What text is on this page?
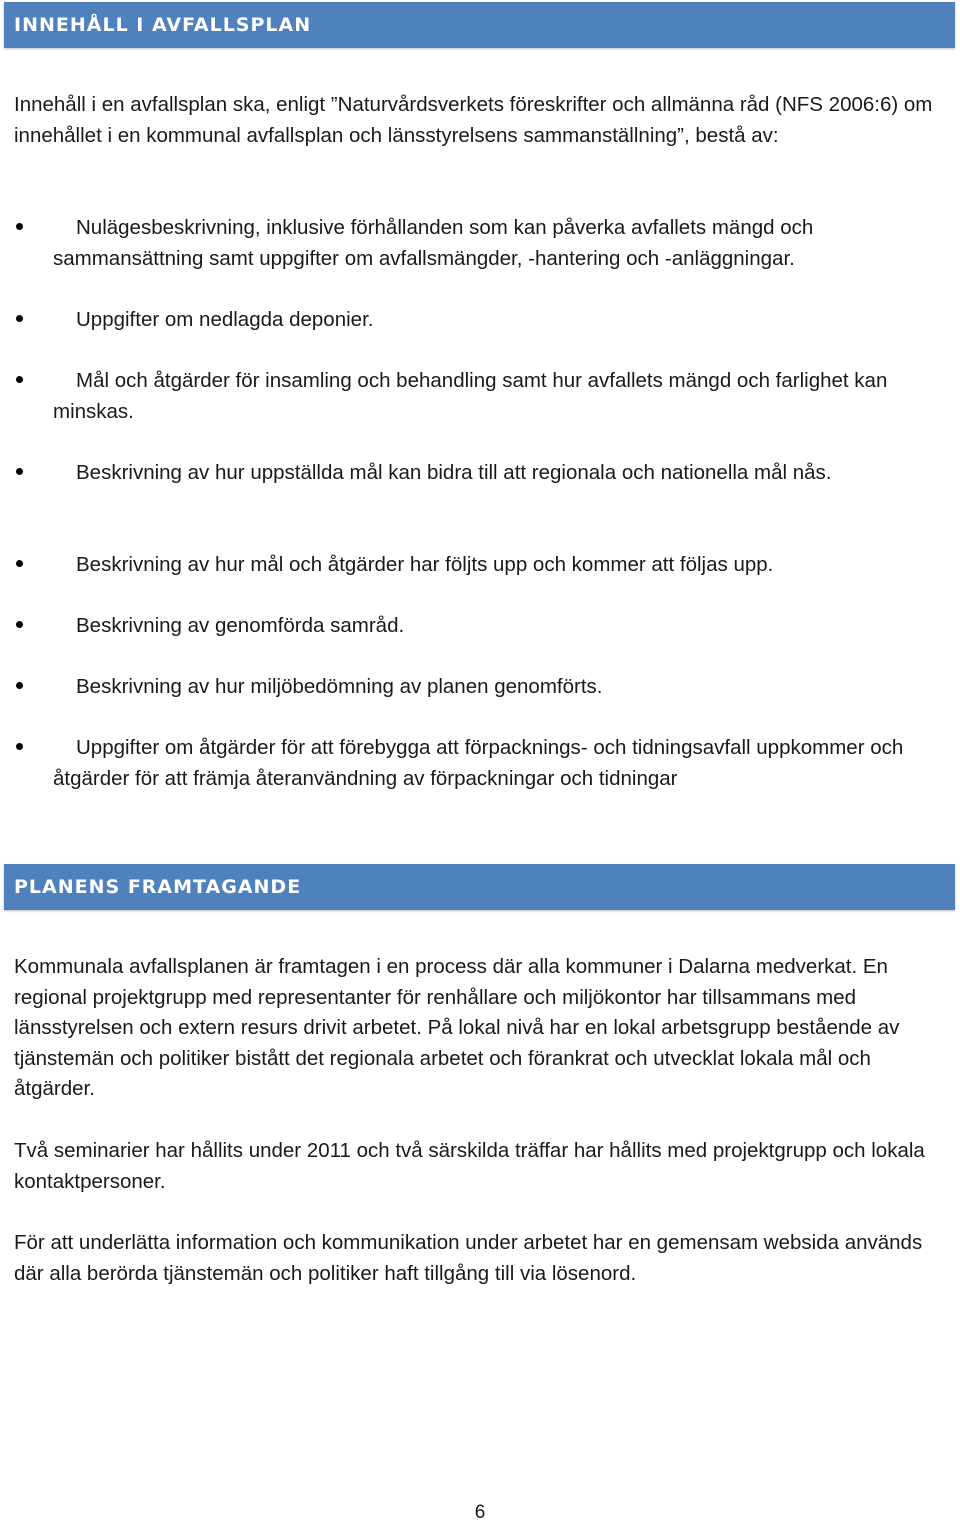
INNEHÅLL I AVFALLSPLAN

Innehåll i en avfallsplan ska, enligt ”Naturvårdsverkets föreskrifter och allmänna råd (NFS 2006:6) om innehållet i en kommunal avfallsplan och länsstyrelsens sammanställning”, bestå av:

Nulägesbeskrivning, inklusive förhållanden som kan påverka avfallets mängd och sammansättning samt uppgifter om avfallsmängder, -hantering och -anläggningar.

Uppgifter om nedlagda deponier.

Mål och åtgärder för insamling och behandling samt hur avfallets mängd och farlighet kan minskas.

Beskrivning av hur uppställda mål kan bidra till att regionala och nationella mål nås.

Beskrivning av hur mål och åtgärder har följts upp och kommer att följas upp.

Beskrivning av genomförda samråd.

Beskrivning av hur miljöbedömning av planen genomförts.

Uppgifter om åtgärder för att förebygga att förpacknings- och tidningsavfall uppkommer och åtgärder för att främja återanvändning av förpackningar och tidningar

PLANENS FRAMTAGANDE

Kommunala avfallsplanen är framtagen i en process där alla kommuner i Dalarna medverkat. En regional projektgrupp med representanter för renhållare och miljökontor har tillsammans med länsstyrelsen och extern resurs drivit arbetet. På lokal nivå har en lokal arbetsgrupp bestående av tjänstemän och politiker bistått det regionala arbetet och förankrat och utvecklat lokala mål och åtgärder.

Två seminarier har hållits under 2011 och två särskilda träffar har hållits med projektgrupp och lokala kontaktpersoner.

För att underlätta information och kommunikation under arbetet har en gemensam websida används där alla berörda tjänstemän och politiker haft tillgång till via lösenord.

6
